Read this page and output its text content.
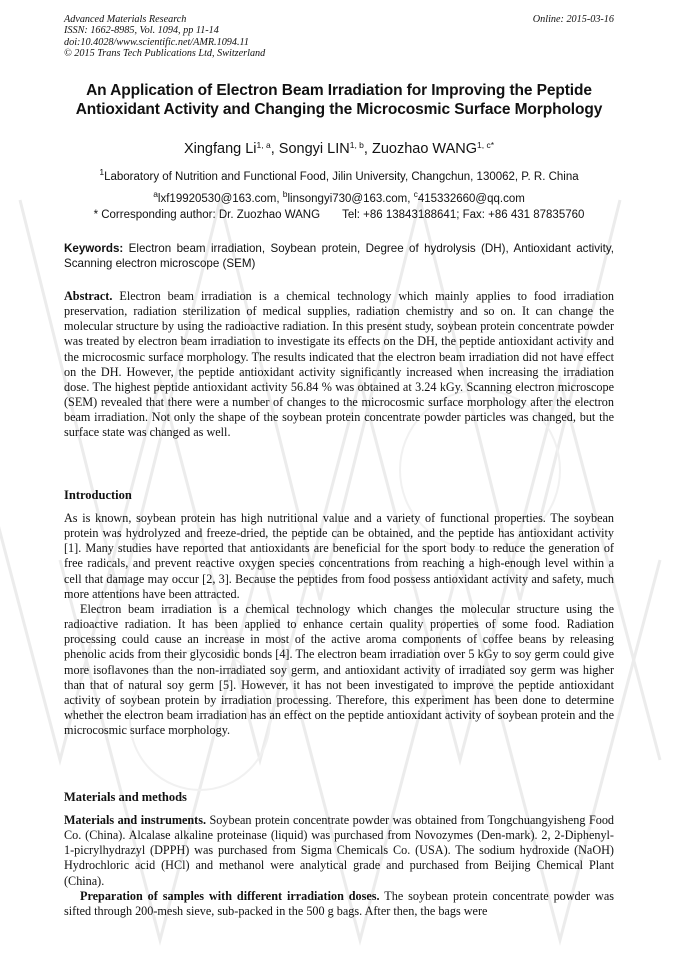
Advanced Materials Research
ISSN: 1662-8985, Vol. 1094, pp 11-14
doi:10.4028/www.scientific.net/AMR.1094.11
© 2015 Trans Tech Publications Ltd, Switzerland
Online: 2015-03-16
An Application of Electron Beam Irradiation for Improving the Peptide Antioxidant Activity and Changing the Microcosmic Surface Morphology
Xingfang Li$^{1, a}$, Songyi LIN$^{1, b}$, Zuozhao $WANG^{1, c*}$
$^1$Laboratory of Nutrition and Functional Food, Jilin University, Changchun, 130062, P. R. China
$^a$lxf19920530@163.com, $^b$linsongyi730@163.com, $^c$415332660@qq.com
* Corresponding author: Dr. Zuozhao WANG Tel: +86 13843188641; Fax: +86 431 87835760
Keywords: Electron beam irradiation, Soybean protein, Degree of hydrolysis (DH), Antioxidant activity, Scanning electron microscope (SEM)
Abstract. Electron beam irradiation is a chemical technology which mainly applies to food irradiation preservation, radiation sterilization of medical supplies, radiation chemistry and so on. It can change the molecular structure by using the radioactive radiation. In this present study, soybean protein concentrate powder was treated by electron beam irradiation to investigate its effects on the DH, the peptide antioxidant activity and the microcosmic surface morphology. The results indicated that the electron beam irradiation did not have effect on the DH. However, the peptide antioxidant activity significantly increased when increasing the irradiation dose. The highest peptide antioxidant activity 56.84 % was obtained at 3.24 kGy. Scanning electron microscope (SEM) revealed that there were a number of changes to the microcosmic surface morphology after the electron beam irradiation. Not only the shape of the soybean protein concentrate powder particles was changed, but the surface state was changed as well.
Introduction

As is known, soybean protein has high nutritional value and a variety of functional properties. The soybean protein was hydrolyzed and freeze-dried, the peptide can be obtained, and the peptide has antioxidant activity [1]. Many studies have reported that antioxidants are beneficial for the sport body to reduce the generation of free radicals, and prevent reactive oxygen species concentrations from reaching a high-enough level within a cell that damage may occur [2, 3]. Because the peptides from food possess antioxidant activity and safety, much more attentions have been attracted.

Electron beam irradiation is a chemical technology which changes the molecular structure using the radioactive radiation. It has been applied to enhance certain quality properties of some food. Radiation processing could cause an increase in most of the active aroma components of coffee beans by releasing phenolic acids from their glycosidic bonds [4]. The electron beam irradiation over 5 kGy to soy germ could give more isoflavones than the non-irradiated soy germ, and antioxidant activity of irradiated soy germ was higher than that of natural soy germ [5]. However, it has not been investigated to improve the peptide antioxidant activity of soybean protein by irradiation processing. Therefore, this experiment has been done to determine whether the electron beam irradiation has an effect on the peptide antioxidant activity of soybean protein and the microcosmic surface morphology.

Materials and methods

Materials and instruments. Soybean protein concentrate powder was obtained from Tongchuangyisheng Food Co. (China). Alcalase alkaline proteinase (liquid) was purchased from Novozymes (Den-mark). 2, 2-Diphenyl-1-picrylhydrazyl (DPPH) was purchased from Sigma Chemicals Co. (USA). The sodium hydroxide (NaOH) Hydrochloric acid (HCl) and methanol were analytical grade and purchased from Beijing Chemical Plant (China).

Preparation of samples with different irradiation doses. The soybean protein concentrate powder was sifted through 200-mesh sieve, sub-packed in the 500 g bags. After then, the bags were
